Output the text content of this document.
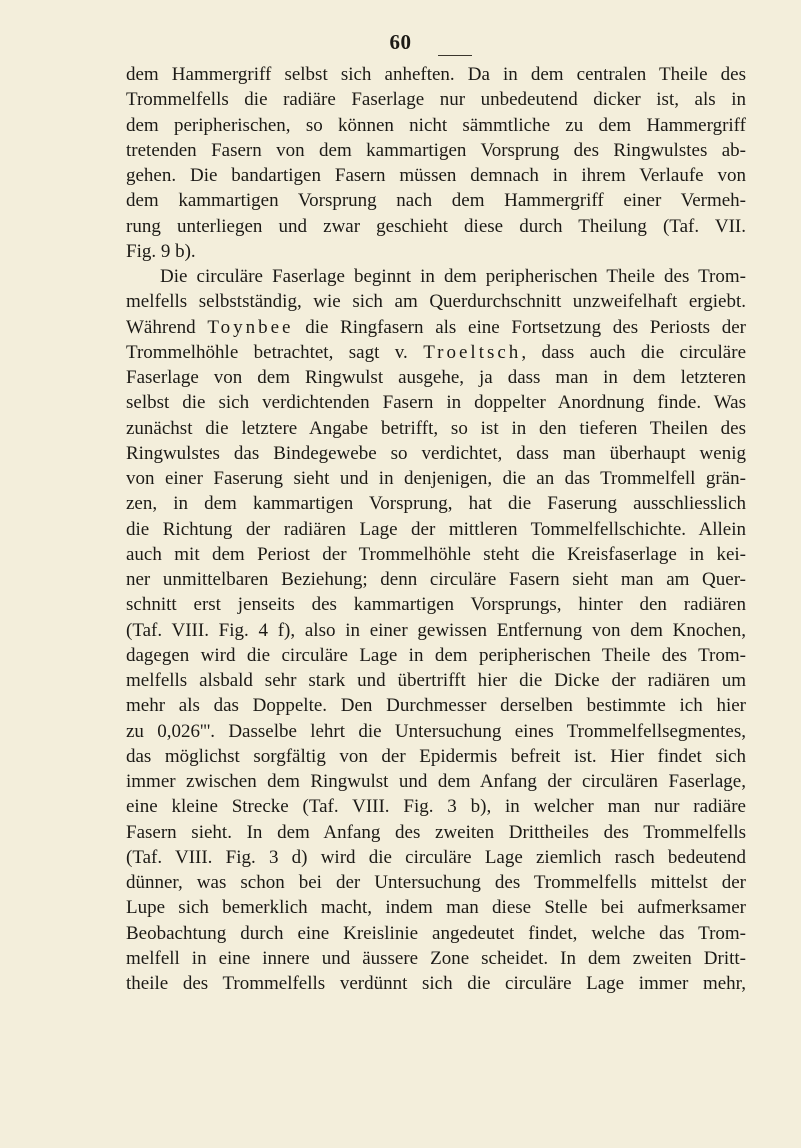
60
dem Hammergriff selbst sich anheften. Da in dem centralen Theile des
Trommelfells die radiäre Faserlage nur unbedeutend dicker ist, als in
dem peripherischen, so können nicht sämmtliche zu dem Hammergriff
tretenden Fasern von dem kammartigen Vorsprung des Ringwulstes ab-
gehen. Die bandartigen Fasern müssen demnach in ihrem Verlaufe von
dem kammartigen Vorsprung nach dem Hammergriff einer Vermeh-
rung unterliegen und zwar geschieht diese durch Theilung (Taf. VII.
Fig. 9 b).
Die circuläre Faserlage beginnt in dem peripherischen Theile des Trom-
melfells selbstständig, wie sich am Querdurchschnitt unzweifelhaft ergiebt.
Während Toynbee die Ringfasern als eine Fortsetzung des Periosts der
Trommelhöhle betrachtet, sagt v. Troeltsch, dass auch die circuläre
Faserlage von dem Ringwulst ausgehe, ja dass man in dem letzteren
selbst die sich verdichtenden Fasern in doppelter Anordnung finde. Was
zunächst die letztere Angabe betrifft, so ist in den tieferen Theilen des
Ringwulstes das Bindegewebe so verdichtet, dass man überhaupt wenig
von einer Faserung sieht und in denjenigen, die an das Trommelfell grän-
zen, in dem kammartigen Vorsprung, hat die Faserung ausschliesslich
die Richtung der radiären Lage der mittleren Tommelfellschichte. Allein
auch mit dem Periost der Trommelhöhle steht die Kreisfaserlage in kei-
ner unmittelbaren Beziehung; denn circuläre Fasern sieht man am Quer-
schnitt erst jenseits des kammartigen Vorsprungs, hinter den radiären
(Taf. VIII. Fig. 4 f), also in einer gewissen Entfernung von dem Knochen,
dagegen wird die circuläre Lage in dem peripherischen Theile des Trom-
melfells alsbald sehr stark und übertrifft hier die Dicke der radiären um
mehr als das Doppelte. Den Durchmesser derselben bestimmte ich hier
zu 0,026'''. Dasselbe lehrt die Untersuchung eines Trommelfellsegmentes,
das möglichst sorgfältig von der Epidermis befreit ist. Hier findet sich
immer zwischen dem Ringwulst und dem Anfang der circulären Faserlage,
eine kleine Strecke (Taf. VIII. Fig. 3 b), in welcher man nur radiäre
Fasern sieht. In dem Anfang des zweiten Drittheiles des Trommelfells
(Taf. VIII. Fig. 3 d) wird die circuläre Lage ziemlich rasch bedeutend
dünner, was schon bei der Untersuchung des Trommelfells mittelst der
Lupe sich bemerklich macht, indem man diese Stelle bei aufmerksamer
Beobachtung durch eine Kreislinie angedeutet findet, welche das Trom-
melfell in eine innere und äussere Zone scheidet. In dem zweiten Dritt-
theile des Trommelfells verdünnt sich die circuläre Lage immer mehr,
